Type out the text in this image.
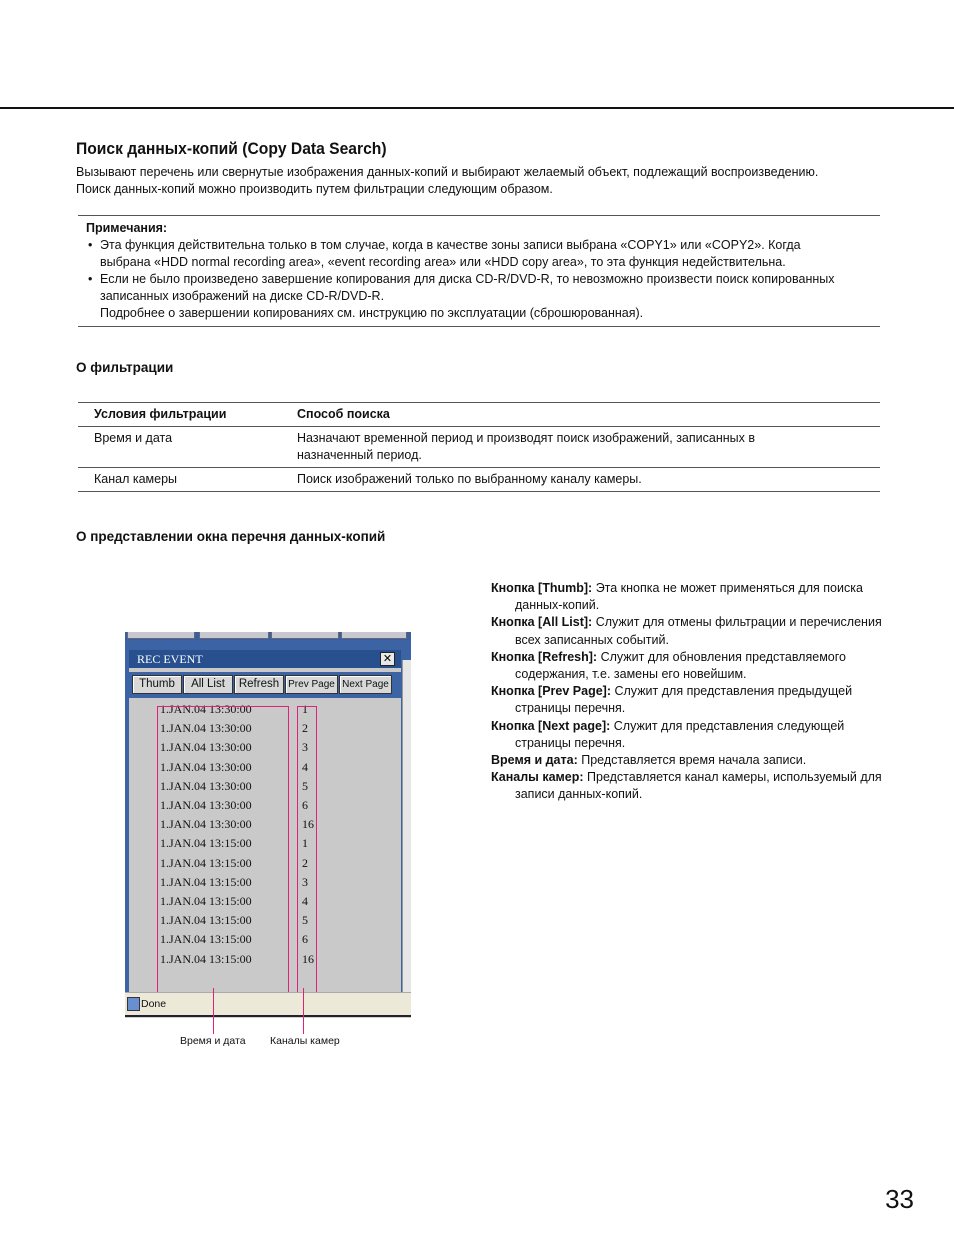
Поиск данных-копий (Copy Data Search)
Вызывают перечень или свернутые изображения данных-копий и выбирают желаемый объект, подлежащий воспроизведению.
Поиск данных-копий можно производить путем фильтрации следующим образом.
Примечания:
• Эта функция действительна только в том случае, когда в качестве зоны записи выбрана «COPY1» или «COPY2». Когда
выбрана «HDD normal recording area», «event recording area» или «HDD copy area», то эта функция недействительна.
• Если не было произведено завершение копирования для диска CD-R/DVD-R, то невозможно произвести поиск копированных
записанных изображений на диске CD-R/DVD-R.
Подробнее о завершении копированиях см. инструкцию по эксплуатации (сброшюрованная).
О фильтрации
Условия фильтрации	Способ поиска
Время и дата	Назначают временной период и производят поиск изображений, записанных в
назначенный период.

Канал камеры	Поиск изображений только по выбранному каналу камеры.
О представлении окна перечня данных-копий
REC EVENT	✕
Thumb	All List	Refresh Prev Page Next Page
1.JAN.04 13:30:00	1
1.JAN.04 13:30:00	2
1.JAN.04 13:30:00	3
1.JAN.04 13:30:00	4
1.JAN.04 13:30:00	5
1.JAN.04 13:30:00	6
1.JAN.04 13:30:00	16
1.JAN.04 13:15:00	1
1.JAN.04 13:15:00	2
1.JAN.04 13:15:00	3
1.JAN.04 13:15:00	4
1.JAN.04 13:15:00	5
1.JAN.04 13:15:00	6
1.JAN.04 13:15:00	16
Done
Время и дата Каналы камер
Кнопка [Thumb]: Эта кнопка не может применяться для поиска данных-копий.
Кнопка [All List]: Служит для отмены фильтрации и перечисления всех записанных событий.
Кнопка [Refresh]: Служит для обновления представляемого содержания, т.е. замены его новейшим.
Кнопка [Prev Page]: Служит для представления предыдущей страницы перечня.
Кнопка [Next page]: Служит для представления следующей страницы перечня.
Время и дата: Представляется время начала записи.
Каналы камер: Представляется канал камеры, используемый для записи данных-копий.
33
